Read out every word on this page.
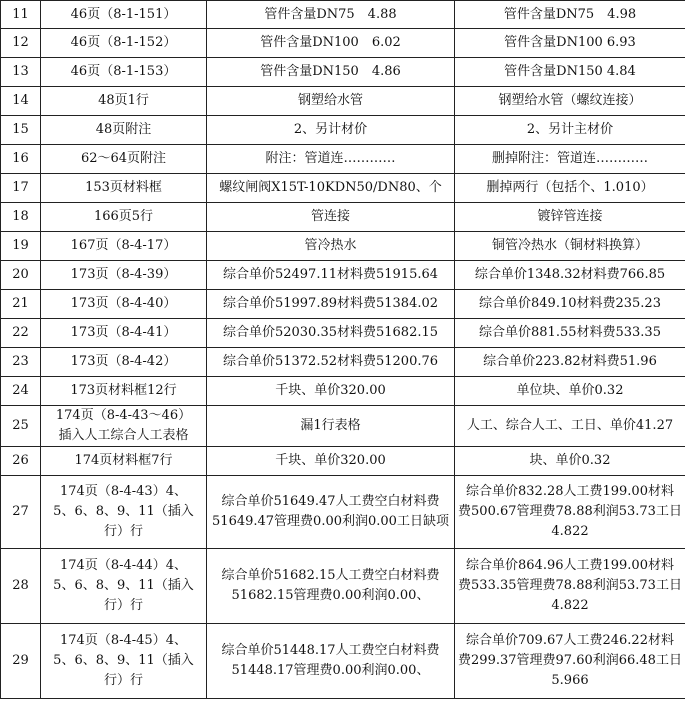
11	46页（8-1-151）	管件含量DN75　4.88	管件含量DN75　4.98

12	46页（8-1-152）	管件含量DN100　6.02	管件含量DN100 6.93

13	46页（8-1-153）	管件含量DN150　4.86	管件含量DN150 4.84

14	48页1行	钢塑给水管	钢塑给水管（螺纹连接）

15	48页附注	2、另计材价	2、另计主材价

16	62～64页附注	附注：管道连…………	删掉附注：管道连…………

17	153页材料框	螺纹闸阀X15T-10KDN50/DN80、个	删掉两行（包括个、1.010）

18	166页5行	管连接	镀锌管连接

19	167页（8-4-17）	管冷热水	铜管冷热水（铜材料换算）

20	173页（8-4-39）	综合单价52497.11材料费51915.64	综合单价1348.32材料费766.85

21	173页（8-4-40）	综合单价51997.89材料费51384.02	综合单价849.10材料费235.23

22	173页（8-4-41）	综合单价52030.35材料费51682.15	综合单价881.55材料费533.35

23	173页（8-4-42）	综合单价51372.52材料费51200.76	综合单价223.82材料费51.96

24	173页材料框12行	千块、单价320.00	单位块、单价0.32

25	174页（8-4-43～46）
插入人工综合人工表格	漏1行表格	人工、综合人工、工日、单价41.27

26	174页材料框7行	千块、单价320.00	块、单价0.32

27	174页（8-4-43）4、
5、6、8、9、11（插入
行）行	综合单价51649.47人工费空白材料费
51649.47管理费0.00利润0.00工日缺项	综合单价832.28人工费199.00材料
费500.67管理费78.88利润53.73工日
4.822

28	174页（8-4-44）4、
5、6、8、9、11（插入
行）行	综合单价51682.15人工费空白材料费
51682.15管理费0.00利润0.00、	综合单价864.96人工费199.00材料
费533.35管理费78.88利润53.73工日
4.822

29	174页（8-4-45）4、
5、6、8、9、11（插入
行）行	综合单价51448.17人工费空白材料费
51448.17管理费0.00利润0.00、	综合单价709.67人工费246.22材料
费299.37管理费97.60利润66.48工日
5.966
